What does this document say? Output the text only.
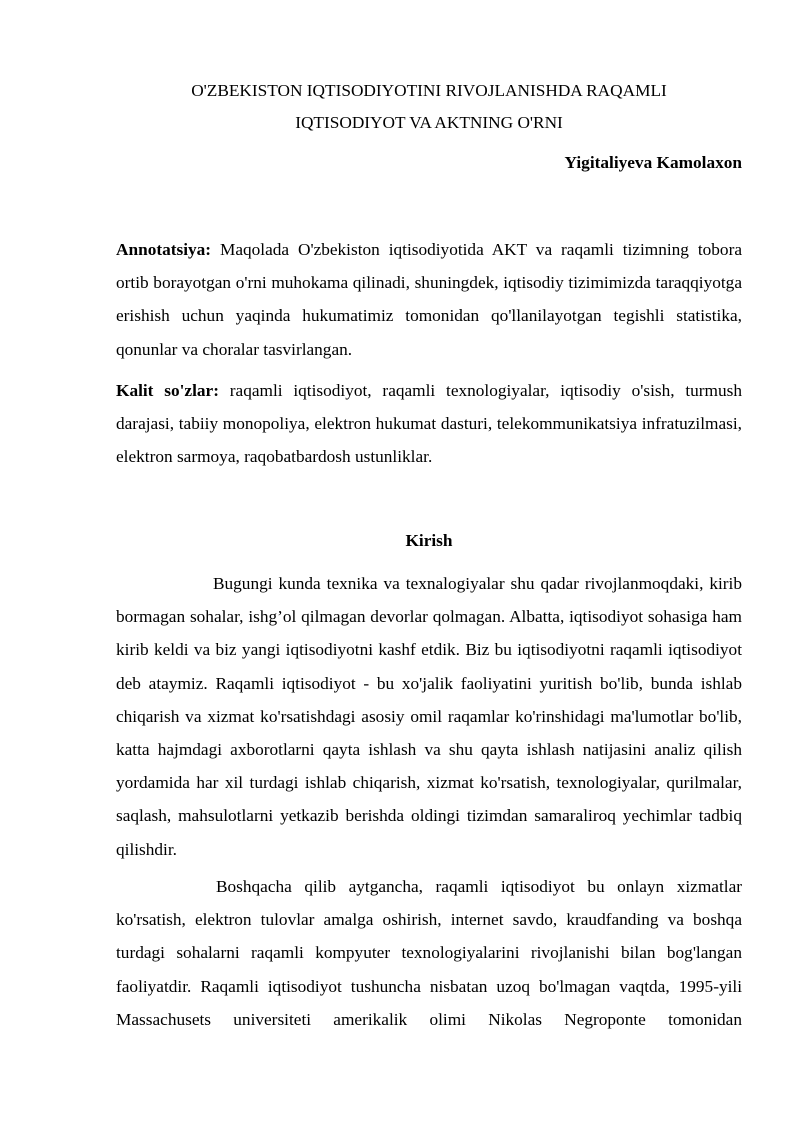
O'ZBEKISTON IQTISODIYOTINI RIVOJLANISHDA RAQAMLI
IQTISODIYOT VA AKTNING O'RNI
Yigitaliyeva Kamolaxon

Annotatsiya: Maqolada O'zbekiston iqtisodiyotida AKT va raqamli tizimning tobora ortib borayotgan o'rni muhokama qilinadi, shuningdek, iqtisodiy tizimimizda taraqqiyotga erishish uchun yaqinda hukumatimiz tomonidan qo'llanilayotgan tegishli statistika, qonunlar va choralar tasvirlangan.

Kalit so'zlar: raqamli iqtisodiyot, raqamli texnologiyalar, iqtisodiy o'sish, turmush darajasi, tabiiy monopoliya, elektron hukumat dasturi, telekommunikatsiya infratuzilmasi, elektron sarmoya, raqobatbardosh ustunliklar.

Kirish

Bugungi kunda texnika va texnalogiyalar shu qadar rivojlanmoqdaki, kirib bormagan sohalar, ishg’ol qilmagan devorlar qolmagan. Albatta, iqtisodiyot sohasiga ham kirib keldi va biz yangi iqtisodiyotni kashf etdik. Biz bu iqtisodiyotni raqamli iqtisodiyot deb ataymiz. Raqamli iqtisodiyot - bu xo'jalik faoliyatini yuritish bo'lib, bunda ishlab chiqarish va xizmat ko'rsatishdagi asosiy omil raqamlar ko'rinshidagi ma'lumotlar bo'lib, katta hajmdagi axborotlarni qayta ishlash va shu qayta ishlash natijasini analiz qilish yordamida har xil turdagi ishlab chiqarish, xizmat ko'rsatish, texnologiyalar, qurilmalar, saqlash, mahsulotlarni yetkazib berishda oldingi tizimdan samaraliroq yechimlar tadbiq qilishdir.

Boshqacha qilib aytgancha, raqamli iqtisodiyot bu onlayn xizmatlar ko'rsatish, elektron tulovlar amalga oshirish, internet savdo, kraudfanding va boshqa turdagi sohalarni raqamli kompyuter texnologiyalarini rivojlanishi bilan bog'langan faoliyatdir. Raqamli iqtisodiyot tushuncha nisbatan uzoq bo'lmagan vaqtda, 1995-yili Massachusets universiteti amerikalik olimi Nikolas Negroponte tomonidan
